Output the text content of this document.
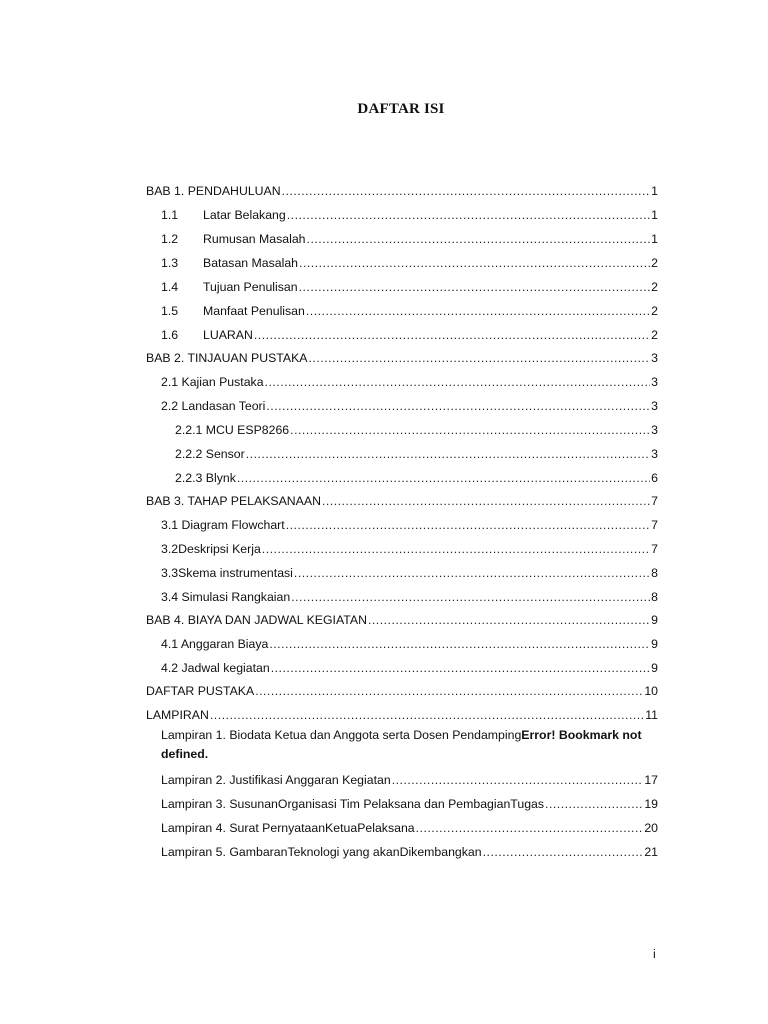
DAFTAR ISI
BAB 1. PENDAHULUAN .....	1
1.1 Latar Belakang .....	1
1.2 Rumusan Masalah .....	1
1.3 Batasan Masalah .....	2
1.4 Tujuan Penulisan .....	2
1.5 Manfaat Penulisan .....	2
1.6 LUARAN .....	2
BAB 2. TINJAUAN PUSTAKA .....	3
2.1 Kajian Pustaka .....	3
2.2 Landasan Teori .....	3
2.2.1 MCU ESP8266 .....	3
2.2.2 Sensor .....	3
2.2.3 Blynk .....	6
BAB 3. TAHAP PELAKSANAAN .....	7
3.1 Diagram Flowchart .....	7
3.2Deskripsi Kerja .....	7
3.3Skema instrumentasi .....	8
3.4 Simulasi Rangkaian .....	8
BAB 4. BIAYA DAN JADWAL KEGIATAN .....	9
4.1 Anggaran Biaya .....	9
4.2 Jadwal kegiatan .....	9
DAFTAR PUSTAKA .....	10
LAMPIRAN .....	11
Lampiran 1. Biodata Ketua dan Anggota serta Dosen PendampingError! Bookmark not defined.
Lampiran 2. Justifikasi Anggaran Kegiatan .....	17
Lampiran 3. SusunanOrganisasi Tim Pelaksana dan PembagianTugas .....	19
Lampiran 4. Surat PernyataanKetuaPelaksana .....	20
Lampiran 5. GambaranTeknologi yang akanDikembangkan .....	21
i
